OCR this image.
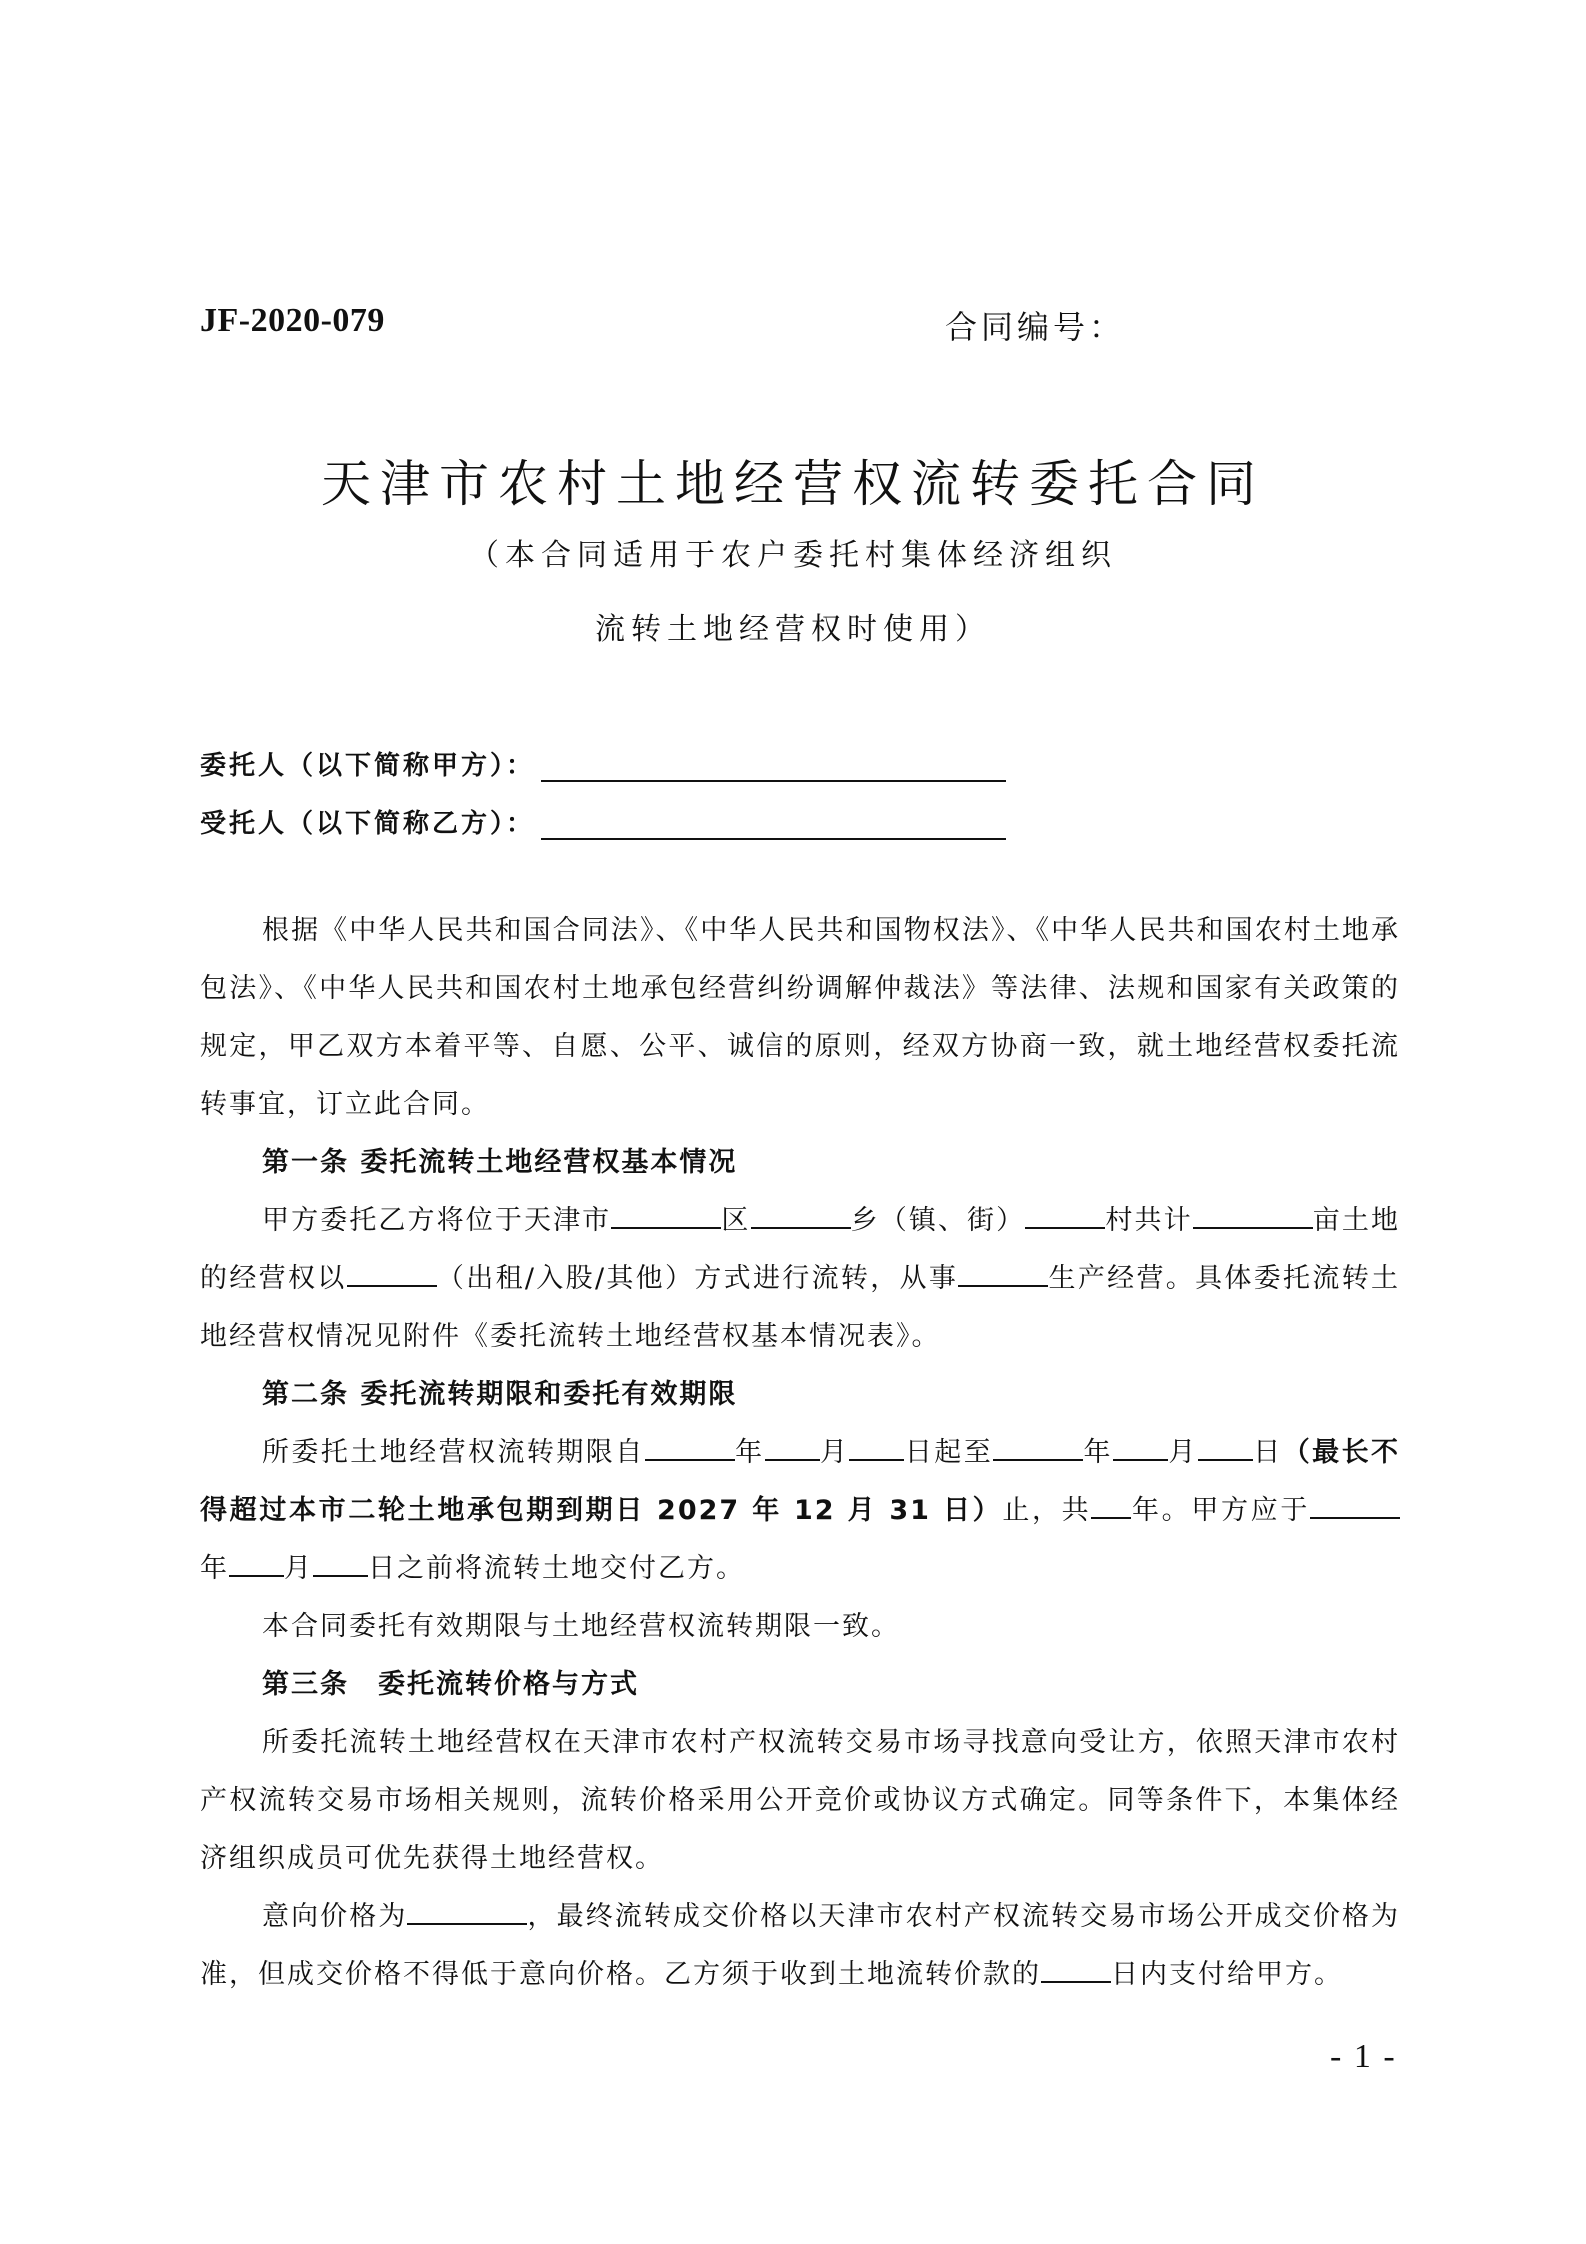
JF-2020-079	合同编号：
天津市农村土地经营权流转委托合同
（本合同适用于农户委托村集体经济组织
流转土地经营权时使用）
委托人（以下简称甲方）：
受托人（以下简称乙方）：

根据《中华人民共和国合同法》、《中华人民共和国物权法》、《中华人民共和国农村土地承包法》、《中华人民共和国农村土地承包经营纠纷调解仲裁法》等法律、法规和国家有关政策的规定，甲乙双方本着平等、自愿、公平、诚信的原则，经双方协商一致，就土地经营权委托流转事宜，订立此合同。

第一条 委托流转土地经营权基本情况

甲方委托乙方将位于天津市	区	乡（镇、街）	村共计	亩土地的经营权以	（出租/入股/其他）方式进行流转，从事	生产经营。具体委托流转土地经营权情况见附件《委托流转土地经营权基本情况表》。

第二条 委托流转期限和委托有效期限

所委托土地经营权流转期限自	年 月 日起至	年 月 日（最长不得超过本市二轮土地承包期到期日 2027 年 12 月 31 日）止，共 年。甲方应于年 月 日之前将流转土地交付乙方。

本合同委托有效期限与土地经营权流转期限一致。

第三条　委托流转价格与方式

所委托流转土地经营权在天津市农村产权流转交易市场寻找意向受让方，依照天津市农村产权流转交易市场相关规则，流转价格采用公开竞价或协议方式确定。同等条件下，本集体经济组织成员可优先获得土地经营权。

意向价格为	，最终流转成交价格以天津市农村产权流转交易市场公开成交价格为准，但成交价格不得低于意向价格。乙方须于收到土地流转价款的	日内支付给甲方。

- 1 -
